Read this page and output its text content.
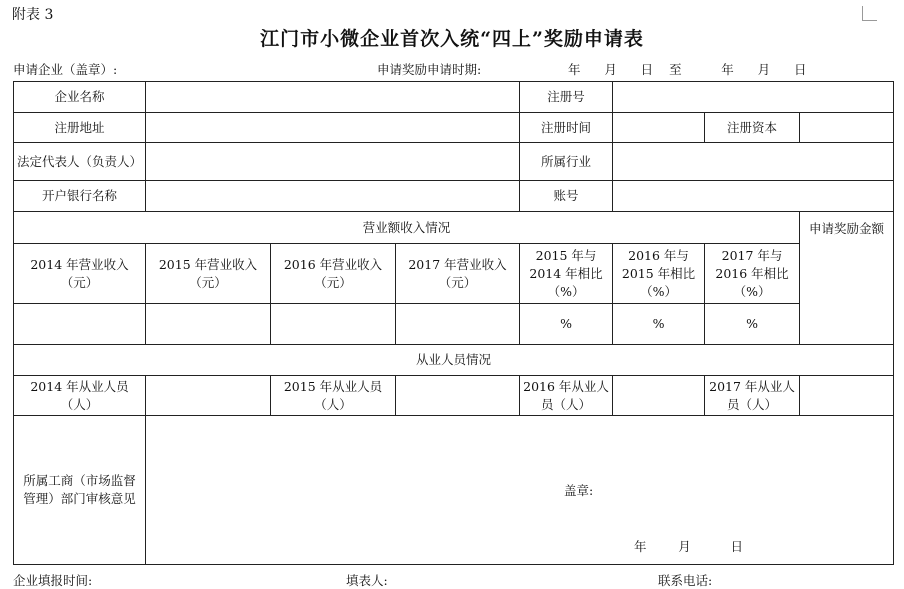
附表 3
江门市小微企业首次入统“四上”奖励申请表
申请企业（盖章）:	申请奖励申请时期:	年      月      日    至          年      月      日
企业名称				注册号			
注册地址				注册时间		注册资本	
法定代表人（负责人）				所属行业			
开户银行名称				账号			
营业额收入情况							申请奖励金额
2014 年营业收入（元）	2015 年营业收入（元）	2016 年营业收入（元）	2017 年营业收入（元）	2015 年与 2014 年相比（%）	2016 年与 2015 年相比（%）	2017 年与 2016 年相比（%）	
				%	%	%	
从业人员情况							
2014 年从业人员（人）		2015 年从业人员（人）		2016 年从业人员（人）		2017 年从业人员（人）	
所属工商（市场监督管理）部门审核意见	盖章:
年        月          日						
企业填报时间:	填表人:	联系电话:
